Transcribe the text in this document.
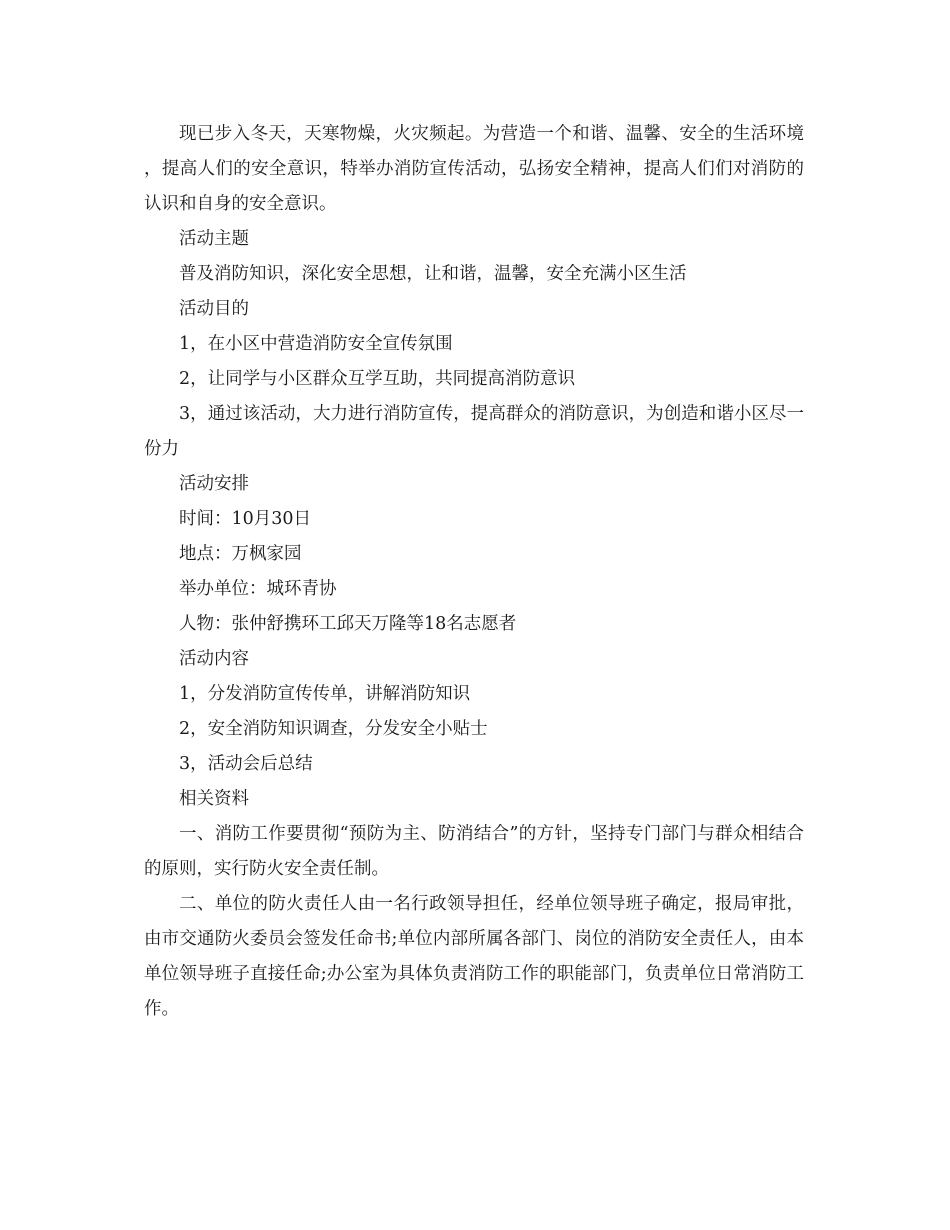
现已步入冬天，天寒物燥，火灾频起。为营造一个和谐、温馨、安全的生活环境，提高人们的安全意识，特举办消防宣传活动，弘扬安全精神，提高人们们对消防的认识和自身的安全意识。

活动主题

普及消防知识，深化安全思想，让和谐，温馨，安全充满小区生活

活动目的

1，在小区中营造消防安全宣传氛围

2，让同学与小区群众互学互助，共同提高消防意识

3，通过该活动，大力进行消防宣传，提高群众的消防意识，为创造和谐小区尽一份力

活动安排

时间：10月30日

地点：万枫家园

举办单位：城环青协

人物：张仲舒携环工邱天万隆等18名志愿者

活动内容

1，分发消防宣传传单，讲解消防知识

2，安全消防知识调查，分发安全小贴士

3，活动会后总结

相关资料

一、消防工作要贯彻“预防为主、防消结合”的方针，坚持专门部门与群众相结合的原则，实行防火安全责任制。

二、单位的防火责任人由一名行政领导担任，经单位领导班子确定，报局审批，由市交通防火委员会签发任命书;单位内部所属各部门、岗位的消防安全责任人，由本单位领导班子直接任命;办公室为具体负责消防工作的职能部门，负责单位日常消防工作。
